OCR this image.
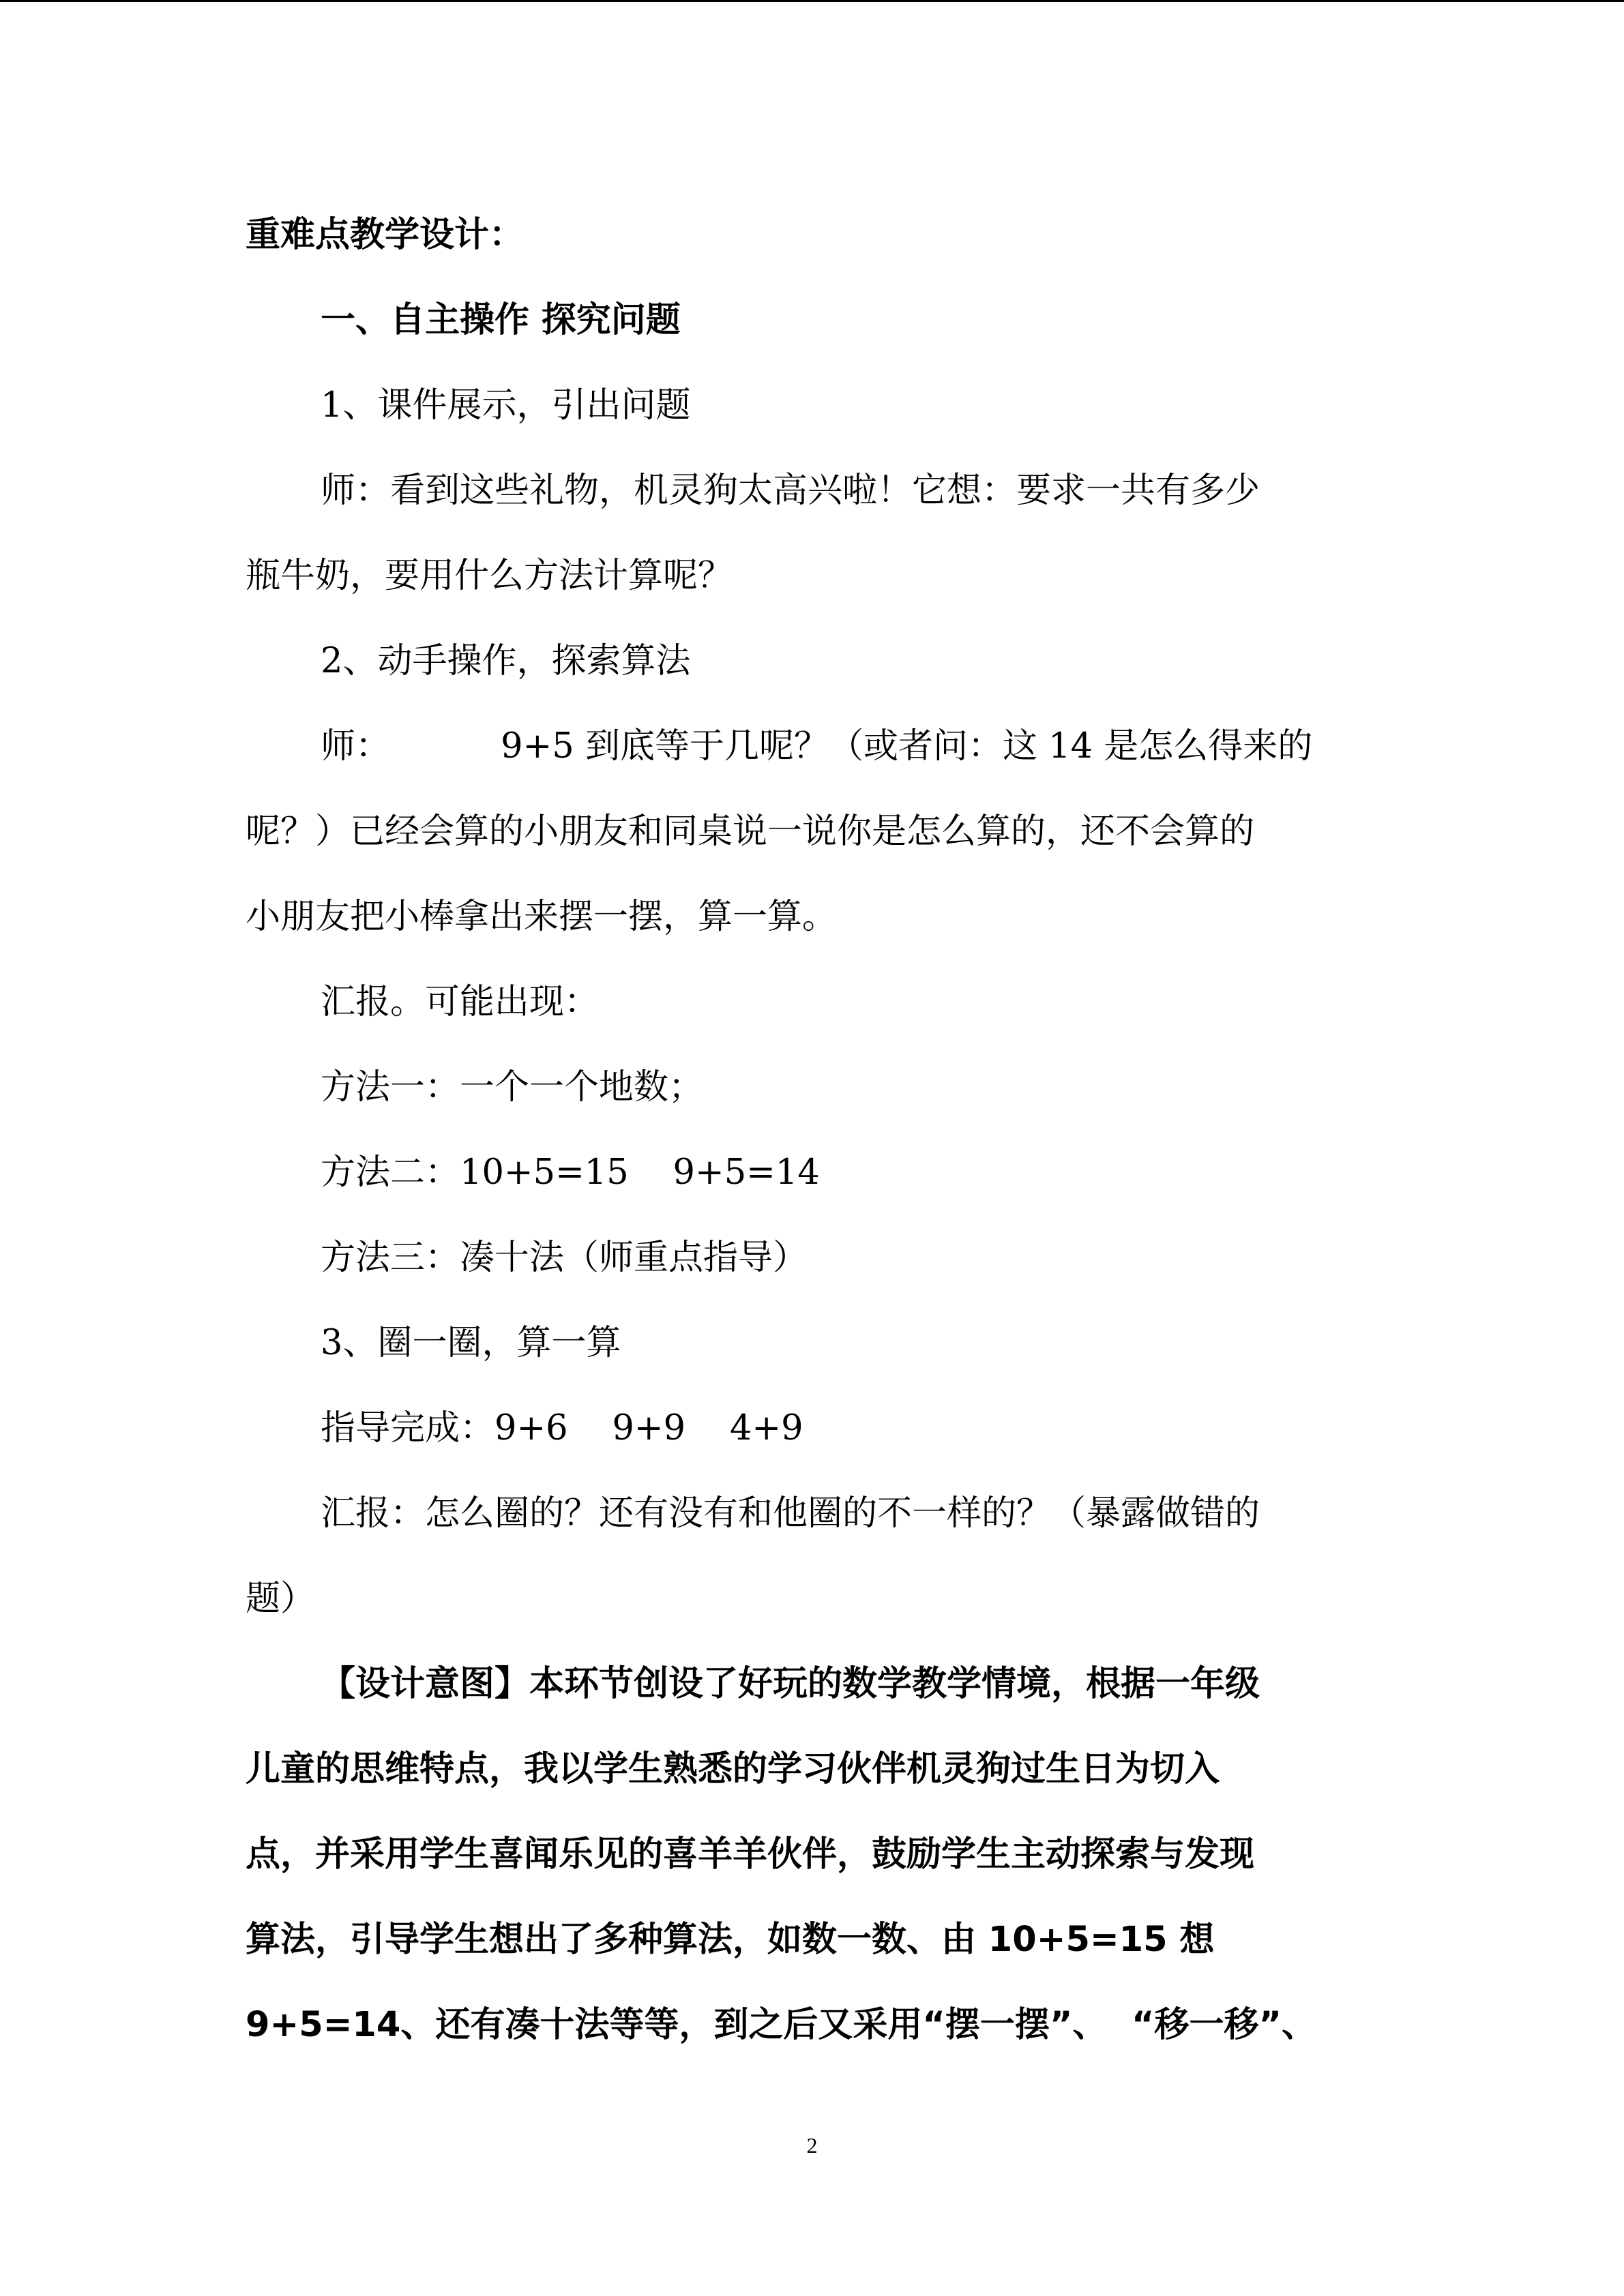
重难点教学设计：
一、自主操作 探究问题
1、课件展示，引出问题
师：看到这些礼物，机灵狗太高兴啦！它想：要求一共有多少
瓶牛奶，要用什么方法计算呢？
2、动手操作，探索算法
师：          9+5 到底等于几呢？（或者问：这 14 是怎么得来的
呢？）已经会算的小朋友和同桌说一说你是怎么算的，还不会算的
小朋友把小棒拿出来摆一摆，算一算。
汇报。可能出现：
方法一：一个一个地数；
方法二：10+5=15    9+5=14
方法三：凑十法（师重点指导）
3、圈一圈，算一算
指导完成：9+6    9+9    4+9
汇报：怎么圈的？还有没有和他圈的不一样的？（暴露做错的
题）
【设计意图】本环节创设了好玩的数学教学情境，根据一年级
儿童的思维特点，我以学生熟悉的学习伙伴机灵狗过生日为切入
点，并采用学生喜闻乐见的喜羊羊伙伴，鼓励学生主动探索与发现
算法，引导学生想出了多种算法，如数一数、由 10+5=15 想
9+5=14、还有凑十法等等，到之后又采用“摆一摆”、  “移一移”、
2
